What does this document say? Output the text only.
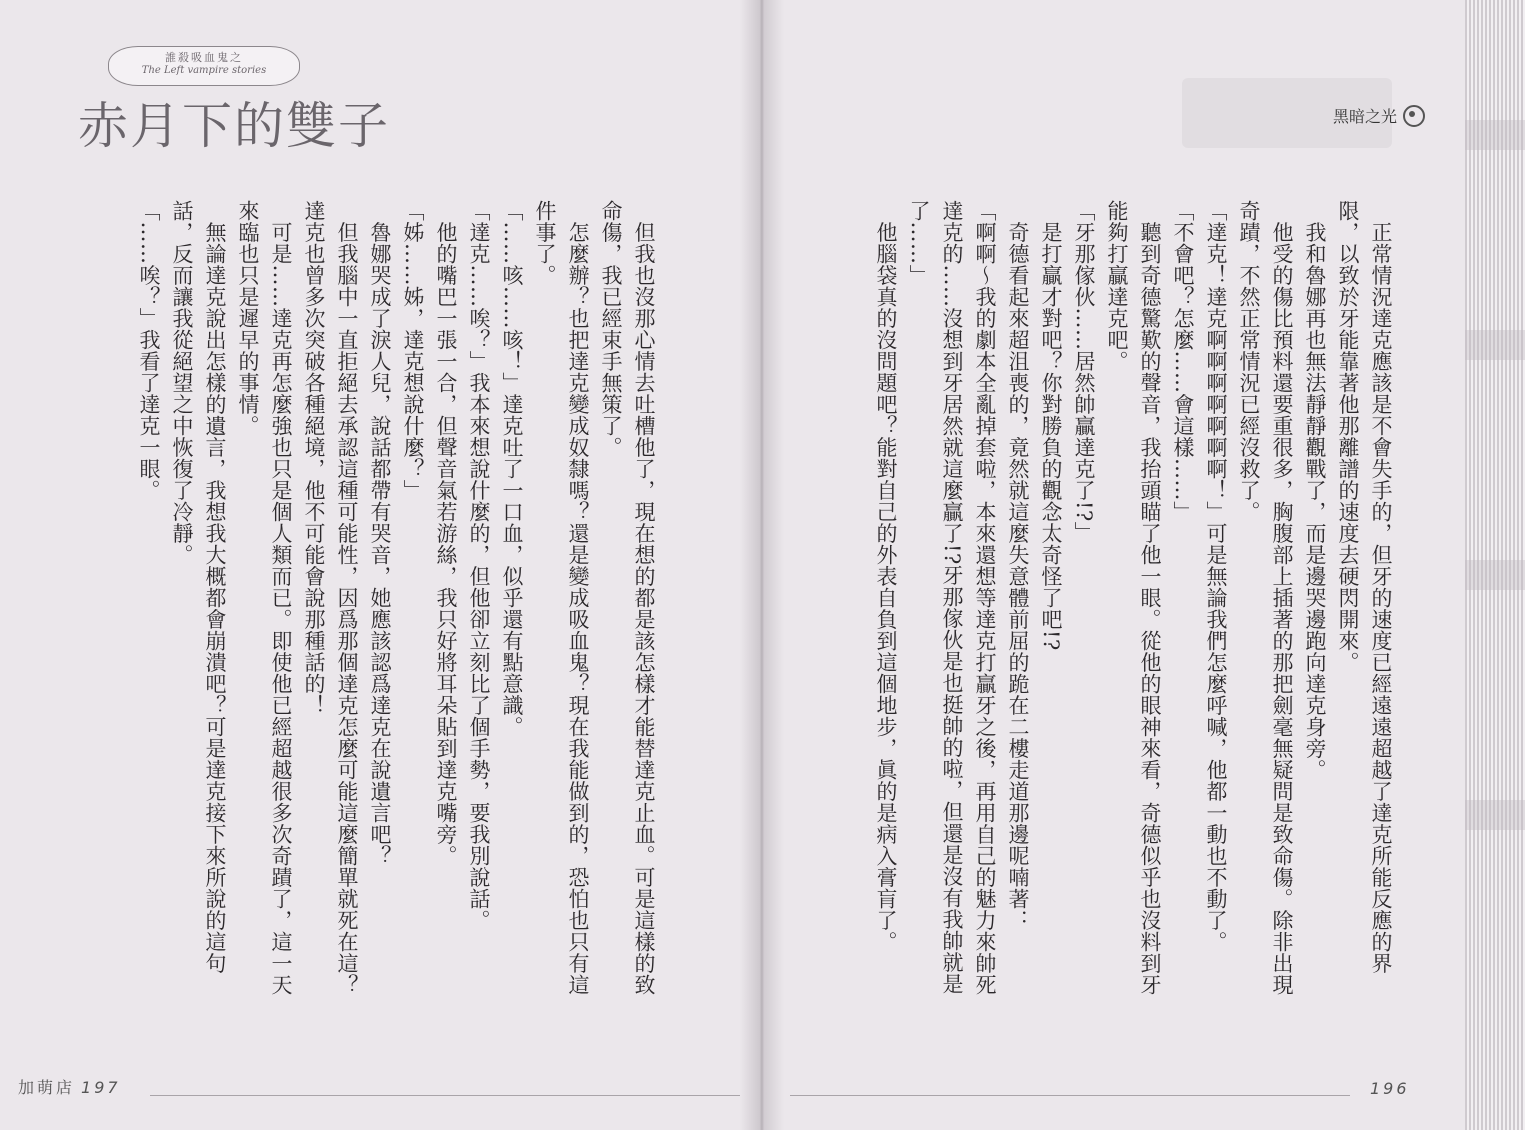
誰殺吸血鬼之
The Left vampire stories
赤月下的雙子

　但我也沒那心情去吐槽他了，現在想的都是該怎樣才能替達克止血。可是這樣的致命傷，我已經束手無策了。

　怎麼辦？也把達克變成奴隸嗎？還是變成吸血鬼？現在我能做到的，恐怕也只有這件事了。

「……咳……咳！」達克吐了一口血，似乎還有點意識。

「達克……唉？」我本來想說什麼的，但他卻立刻比了個手勢，要我別說話。

　他的嘴巴一張一合，但聲音氣若游絲，我只好將耳朵貼到達克嘴旁。

「姊……姊，達克想說什麼？」

　魯娜哭成了淚人兒，說話都帶有哭音，她應該認爲達克在說遺言吧？

　但我腦中一直拒絕去承認這種可能性，因爲那個達克怎麼可能這麼簡單就死在這？達克也曾多次突破各種絕境，他不可能會說那種話的！

　可是……達克再怎麼強也只是個人類而已。即使他已經超越很多次奇蹟了，這一天來臨也只是遲早的事情。

　無論達克說出怎樣的遺言，我想我大概都會崩潰吧？可是達克接下來所說的這句話，反而讓我從絕望之中恢復了冷靜。

「……唉？」我看了達克一眼。

加萌店 197
黑暗之光

　正常情況達克應該是不會失手的，但牙的速度已經遠遠超越了達克所能反應的界限，以致於牙能靠著他那離譜的速度去硬閃開來。

　我和魯娜再也無法靜靜觀戰了，而是邊哭邊跑向達克身旁。

　他受的傷比預料還要重很多，胸腹部上插著的那把劍毫無疑問是致命傷。除非出現奇蹟，不然正常情況已經沒救了。

「達克！達克啊啊啊啊啊啊啊！」可是無論我們怎麼呼喊，他都一動也不動了。

「不會吧？怎麼……會這樣……」

　聽到奇德驚歎的聲音，我抬頭瞄了他一眼。從他的眼神來看，奇德似乎也沒料到牙能夠打贏達克吧。

「牙那傢伙……居然帥贏達克了!?」

　是打贏才對吧？你對勝負的觀念太奇怪了吧!?

　奇德看起來超沮喪的，竟然就這麼失意體前屈的跪在二樓走道那邊呢喃著：

「啊啊～我的劇本全亂掉套啦，本來還想等達克打贏牙之後，再用自己的魅力來帥死達克的……沒想到牙居然就這麼贏了!?牙那傢伙是也挺帥的啦，但還是沒有我帥就是了……」

　他腦袋真的沒問題吧？能對自己的外表自負到這個地步，眞的是病入膏肓了。

196
